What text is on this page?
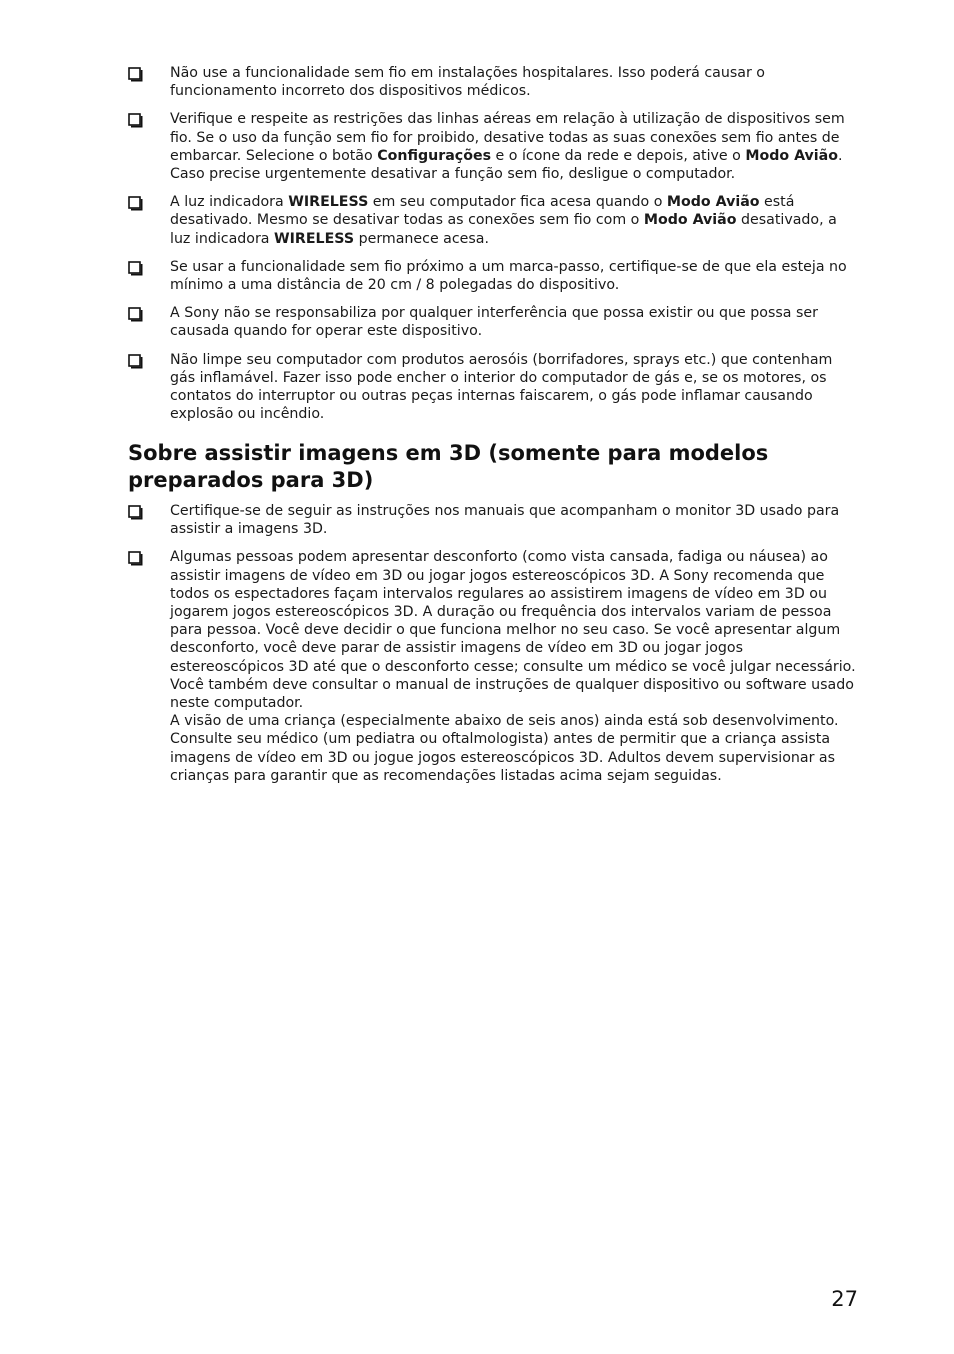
Não use a funcionalidade sem fio em instalações hospitalares. Isso poderá causar o funcionamento incorreto dos dispositivos médicos.
Verifique e respeite as restrições das linhas aéreas em relação à utilização de dispositivos sem fio. Se o uso da função sem fio for proibido, desative todas as suas conexões sem fio antes de embarcar. Selecione o botão Configurações e o ícone da rede e depois, ative o Modo Avião. Caso precise urgentemente desativar a função sem fio, desligue o computador.
A luz indicadora WIRELESS em seu computador fica acesa quando o Modo Avião está desativado. Mesmo se desativar todas as conexões sem fio com o Modo Avião desativado, a luz indicadora WIRELESS permanece acesa.
Se usar a funcionalidade sem fio próximo a um marca-passo, certifique-se de que ela esteja no mínimo a uma distância de 20 cm / 8 polegadas do dispositivo.
A Sony não se responsabiliza por qualquer interferência que possa existir ou que possa ser causada quando for operar este dispositivo.
Não limpe seu computador com produtos aerosóis (borrifadores, sprays etc.) que contenham gás inflamável. Fazer isso pode encher o interior do computador de gás e, se os motores, os contatos do interruptor ou outras peças internas faiscarem, o gás pode inflamar causando explosão ou incêndio.
Sobre assistir imagens em 3D (somente para modelos preparados para 3D)
Certifique-se de seguir as instruções nos manuais que acompanham o monitor 3D usado para assistir a imagens 3D.
Algumas pessoas podem apresentar desconforto (como vista cansada, fadiga ou náusea) ao assistir imagens de vídeo em 3D ou jogar jogos estereoscópicos 3D. A Sony recomenda que todos os espectadores façam intervalos regulares ao assistirem imagens de vídeo em 3D ou jogarem jogos estereoscópicos 3D. A duração ou frequência dos intervalos variam de pessoa para pessoa. Você deve decidir o que funciona melhor no seu caso. Se você apresentar algum desconforto, você deve parar de assistir imagens de vídeo em 3D ou jogar jogos estereoscópicos 3D até que o desconforto cesse; consulte um médico se você julgar necessário.
Você também deve consultar o manual de instruções de qualquer dispositivo ou software usado neste computador.
A visão de uma criança (especialmente abaixo de seis anos) ainda está sob desenvolvimento. Consulte seu médico (um pediatra ou oftalmologista) antes de permitir que a criança assista imagens de vídeo em 3D ou jogue jogos estereoscópicos 3D. Adultos devem supervisionar as crianças para garantir que as recomendações listadas acima sejam seguidas.
27
